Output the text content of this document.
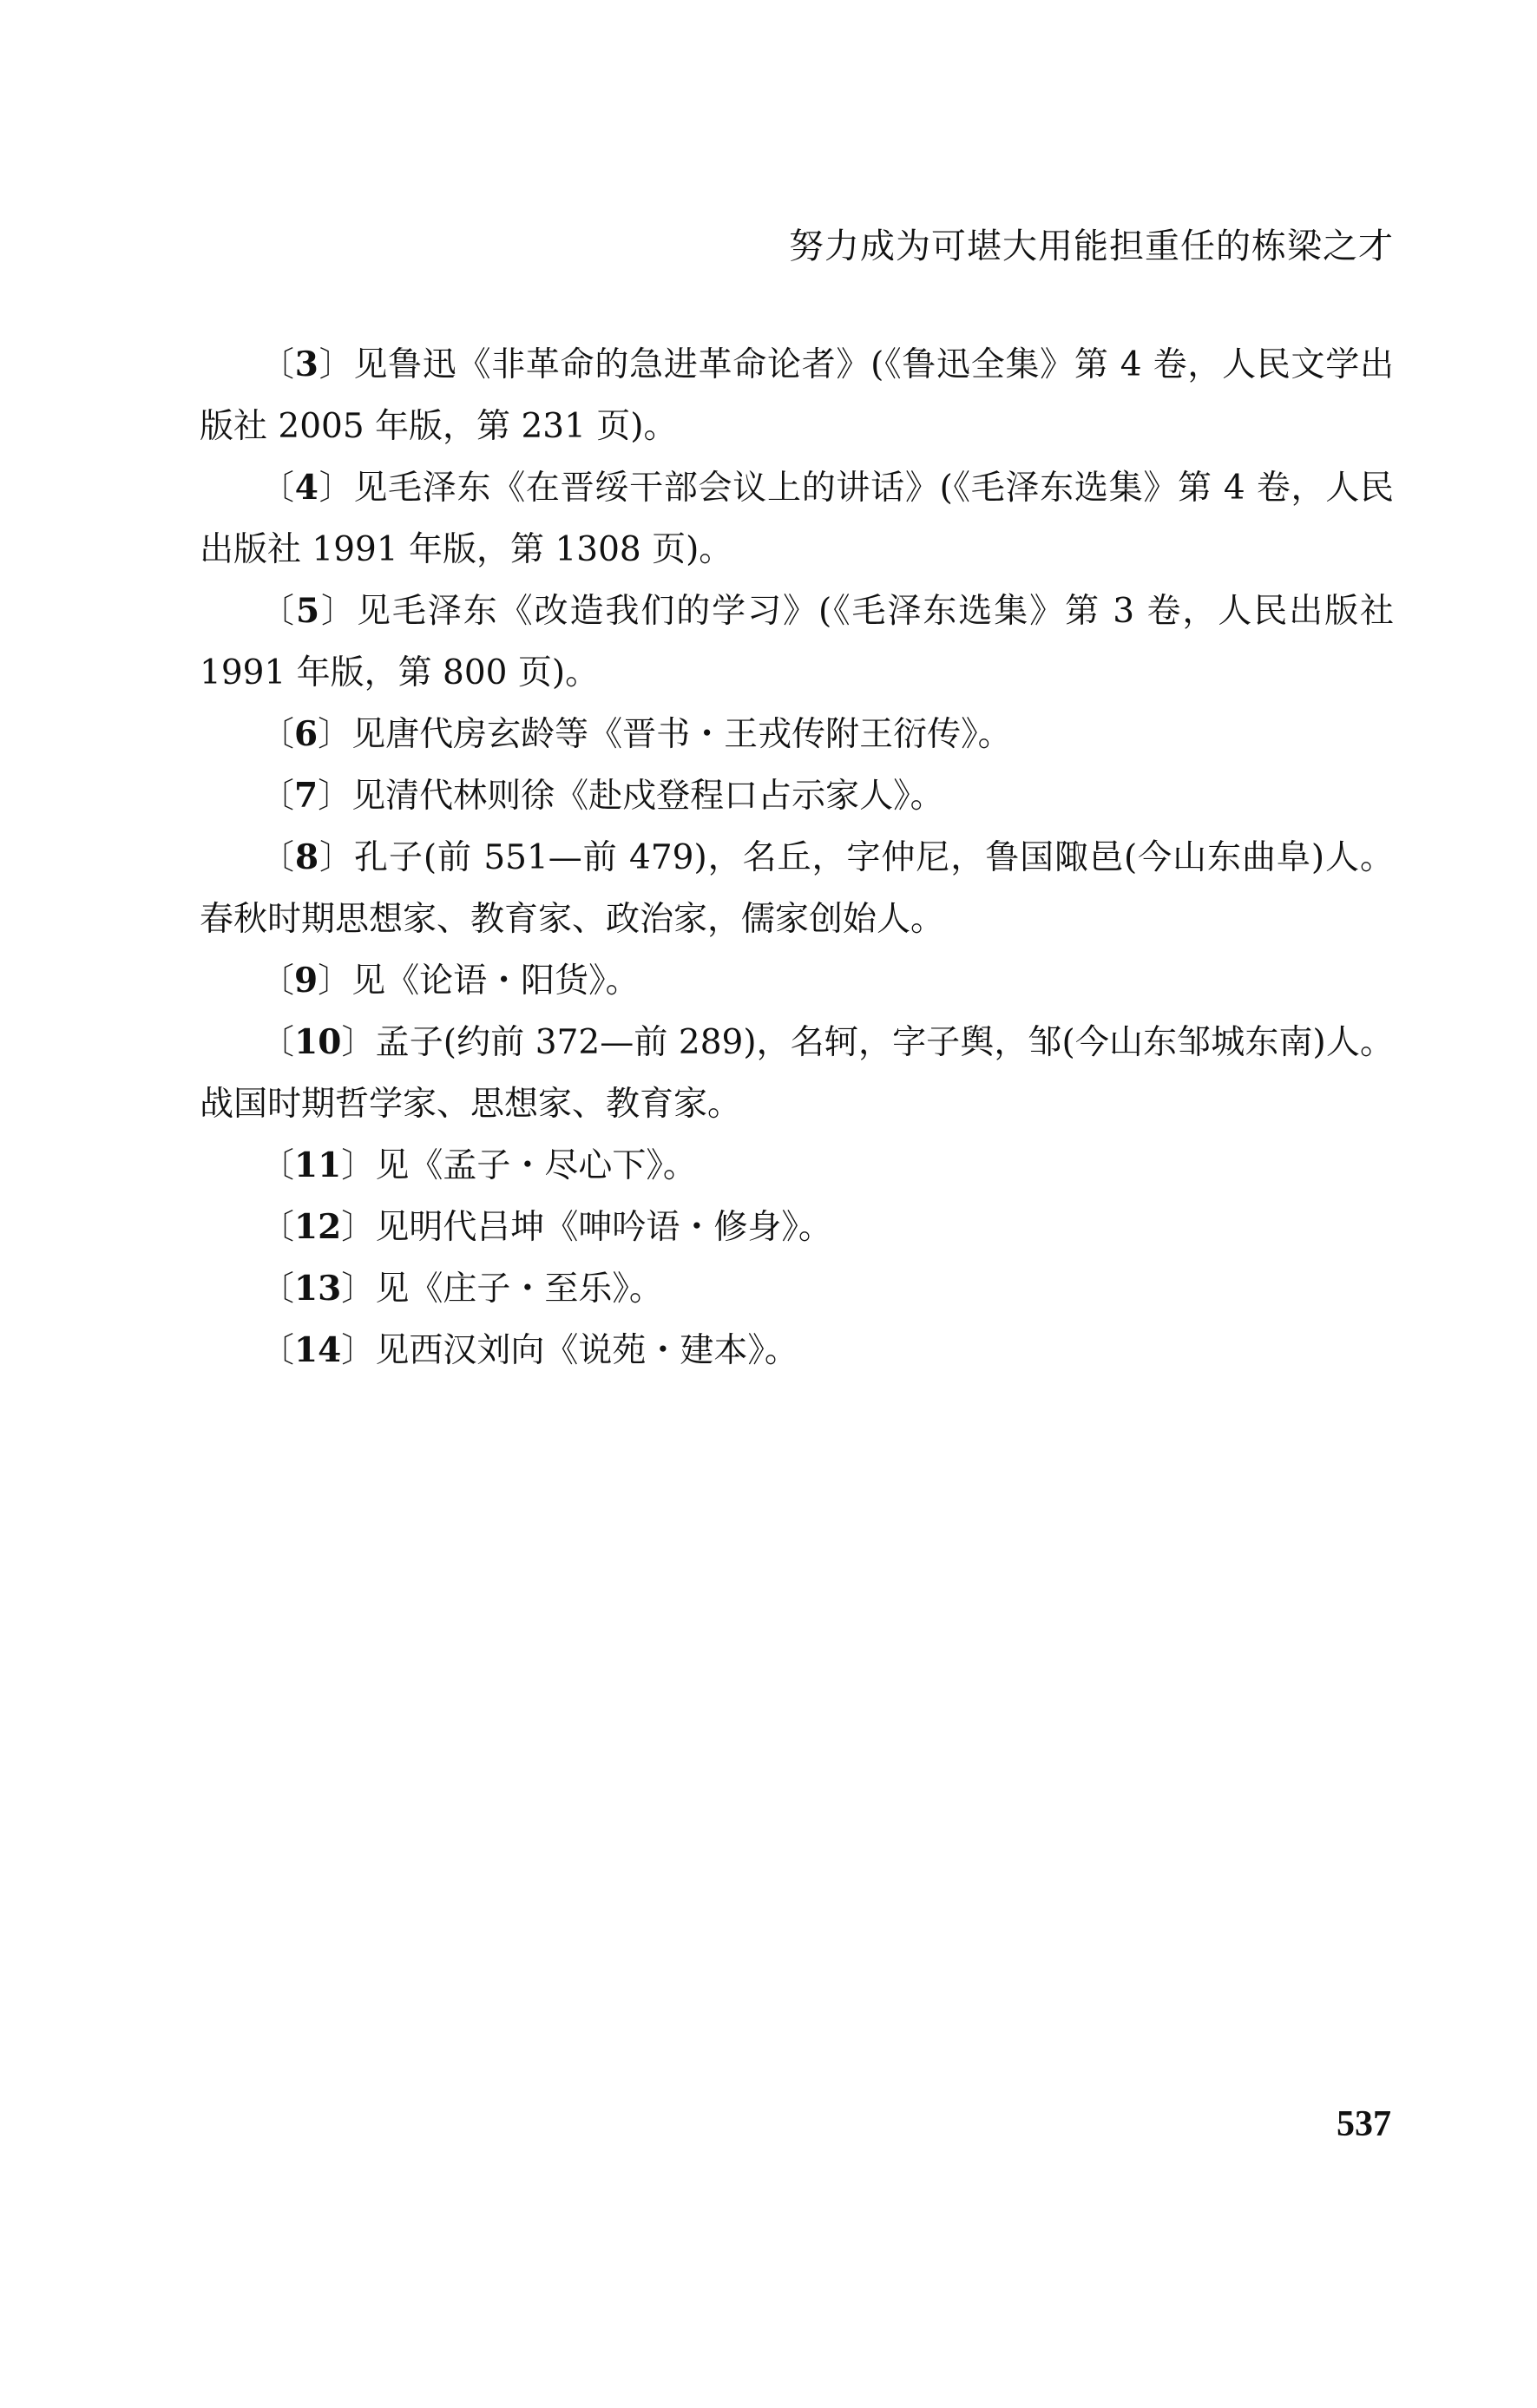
努力成为可堪大用能担重任的栋梁之才

〔3〕见鲁迅《非革命的急进革命论者》(《鲁迅全集》第 4 卷，人民文学出版社 2005 年版，第 231 页)。

〔4〕见毛泽东《在晋绥干部会议上的讲话》(《毛泽东选集》第 4 卷，人民出版社 1991 年版，第 1308 页)。

〔5〕见毛泽东《改造我们的学习》(《毛泽东选集》第 3 卷，人民出版社 1991 年版，第 800 页)。

〔6〕见唐代房玄龄等《晋书・王戎传附王衍传》。

〔7〕见清代林则徐《赴戍登程口占示家人》。

〔8〕孔子(前 551—前 479)，名丘，字仲尼，鲁国陬邑(今山东曲阜)人。春秋时期思想家、教育家、政治家，儒家创始人。

〔9〕见《论语・阳货》。

〔10〕孟子(约前 372—前 289)，名轲，字子舆，邹(今山东邹城东南)人。战国时期哲学家、思想家、教育家。

〔11〕见《孟子・尽心下》。

〔12〕见明代吕坤《呻吟语・修身》。

〔13〕见《庄子・至乐》。

〔14〕见西汉刘向《说苑・建本》。

537
